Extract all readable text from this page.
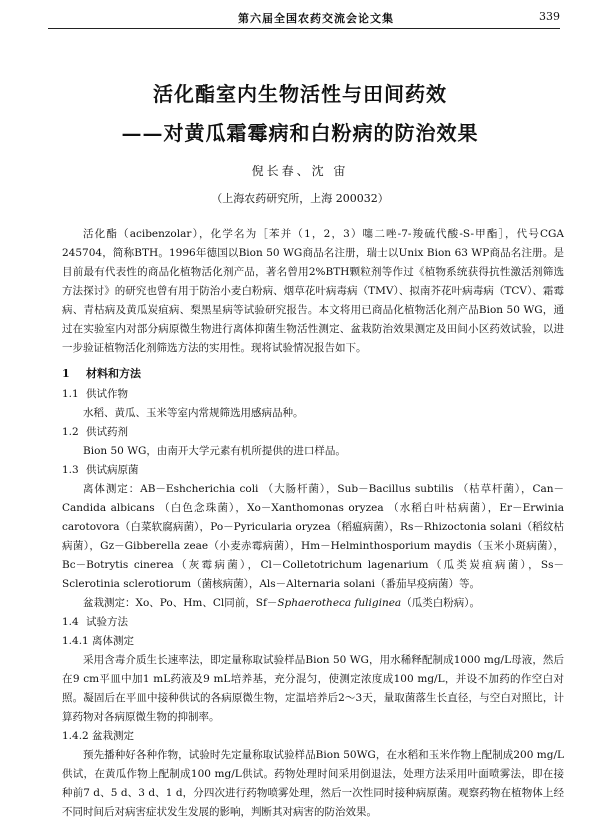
第六届全国农药交流会论文集	339
活化酯室内生物活性与田间药效
——对黄瓜霜霉病和白粉病的防治效果
倪长春、沈 宙
（上海农药研究所，上海 200032）

活化酯（acibenzolar），化学名为［苯并（1，2，3）噻二唑-7-羧硫代酸-S-甲酯］，代号CGA 245704，简称BTH。1996年德国以Bion 50 WG商品名注册，瑞士以Unix Bion 63 WP商品名注册。是目前最有代表性的商品化植物活化剂产品，著名曾用2%BTH颗粒剂等作过《植物系统获得抗性激活剂筛选方法探讨》的研究也曾有用于防治小麦白粉病、烟草花叶病毒病（TMV）、拟南芥花叶病毒病（TCV）、霜霉病、青枯病及黄瓜炭疽病、梨黑星病等试验研究报告。本文将用已商品化植物活化剂产品Bion 50 WG，通过在实验室内对部分病原微生物进行离体抑菌生物活性测定、盆栽防治效果测定及田间小区药效试验，以进一步验证植物活化剂筛选方法的实用性。现将试验情况报告如下。

1 材料和方法
1.1 供试作物

水稻、黄瓜、玉米等室内常规筛选用感病品种。

1.2 供试药剂

Bion 50 WG，由南开大学元素有机所提供的进口样品。

1.3 供试病原菌

离体测定：AB－Eshcherichia coli （大肠杆菌），Sub－Bacillus subtilis （枯草杆菌），Can－Candida albicans （白色念珠菌），Xo－Xanthomonas oryzea （水稻白叶枯病菌），Er－Erwinia carotovora（白菜软腐病菌），Po－Pyricularia oryzea（稻瘟病菌），Rs－Rhizoctonia solani（稻纹枯病菌），Gz－Gibberella zeae（小麦赤霉病菌），Hm－Helminthosporium maydis（玉米小斑病菌），Bc－Botrytis cinerea（灰霉病菌），Cl－Colletotrichum lagenarium（瓜类炭疽病菌），Ss－Sclerotinia sclerotiorum（菌核病菌），Als－Alternaria solani（番茄早疫病菌）等。

盆栽测定：Xo、Po、Hm、Cl同前，Sf－Sphaerotheca fuliginea（瓜类白粉病）。

1.4 试验方法
1.4.1 离体测定

采用含毒介质生长速率法，即定量称取试验样品Bion 50 WG，用水稀释配制成1000 mg/L母液，然后在9 cm平皿中加1 mL药液及9 mL培养基，充分混匀，使测定浓度成100 mg/L，并设不加药的作空白对照。凝固后在平皿中接种供试的各病原微生物，定温培养后2～3天，量取菌落生长直径，与空白对照比，计算药物对各病原微生物的抑制率。

1.4.2 盆栽测定

预先播种好各种作物，试验时先定量称取试验样品Bion 50WG，在水稻和玉米作物上配制成200 mg/L供试，在黄瓜作物上配制成100 mg/L供试。药物处理时间采用倒退法，处理方法采用叶面喷雾法，即在接种前7 d、5 d、3 d、1 d，分四次进行药物喷雾处理，然后一次性同时接种病原菌。观察药物在植物体上经不同时间后对病害症状发生发展的影响，判断其对病害的防治效果。
